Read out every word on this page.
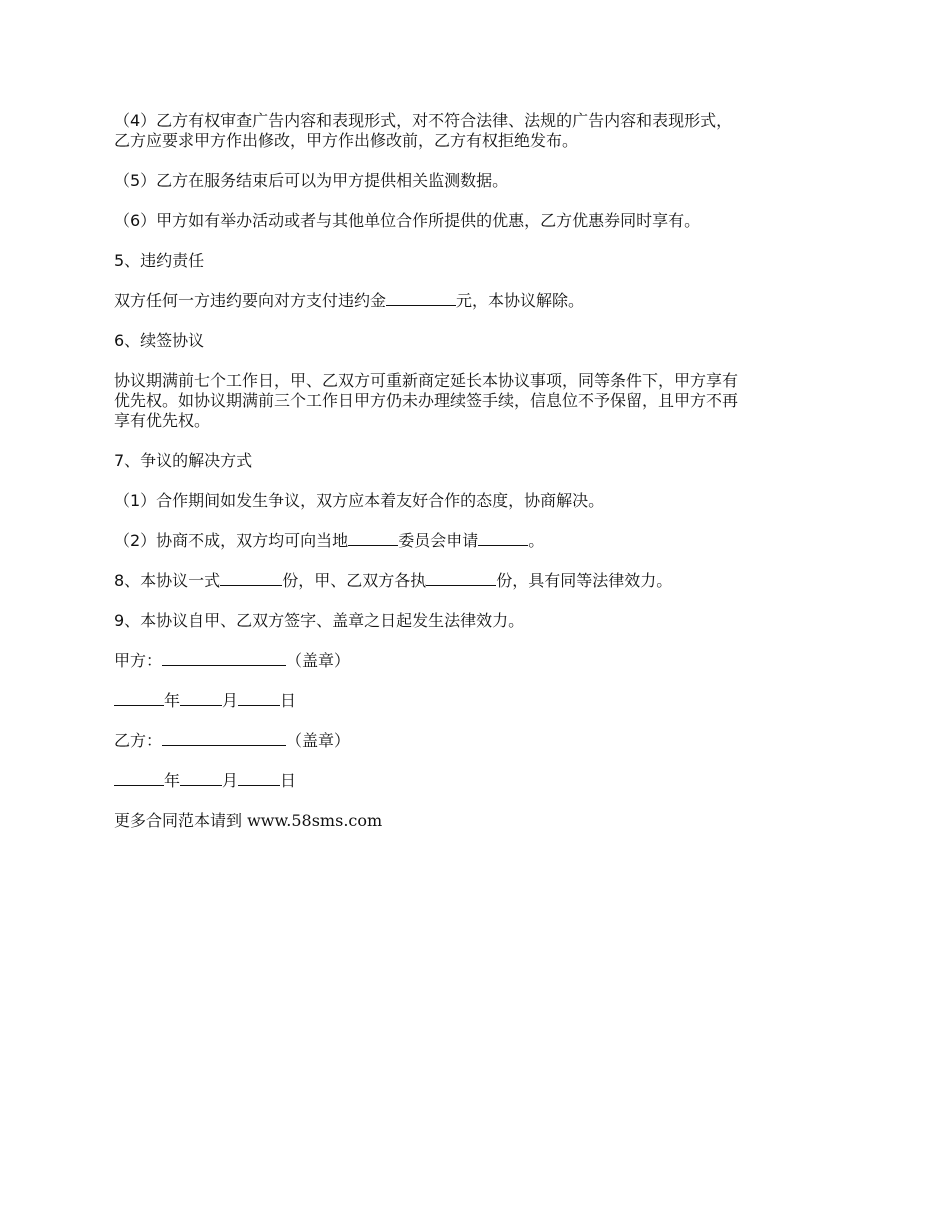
（4）乙方有权审查广告内容和表现形式，对不符合法律、法规的广告内容和表现形式，
乙方应要求甲方作出修改，甲方作出修改前，乙方有权拒绝发布。

（5）乙方在服务结束后可以为甲方提供相关监测数据。

（6）甲方如有举办活动或者与其他单位合作所提供的优惠，乙方优惠券同时享有。

5、违约责任

双方任何一方违约要向对方支付违约金	元，本协议解除。

6、续签协议

协议期满前七个工作日，甲、乙双方可重新商定延长本协议事项，同等条件下，甲方享有
优先权。如协议期满前三个工作日甲方仍未办理续签手续，信息位不予保留，且甲方不再
享有优先权。

7、争议的解决方式

（1）合作期间如发生争议，双方应本着友好合作的态度，协商解决。

（2）协商不成，双方均可向当地	委员会申请	。

8、本协议一式	份，甲、乙双方各执	份，具有同等法律效力。

9、本协议自甲、乙双方签字、盖章之日起发生法律效力。

甲方：	（盖章）

年	月	日

乙方：	（盖章）

年	月	日

更多合同范本请到 www.58sms.com
